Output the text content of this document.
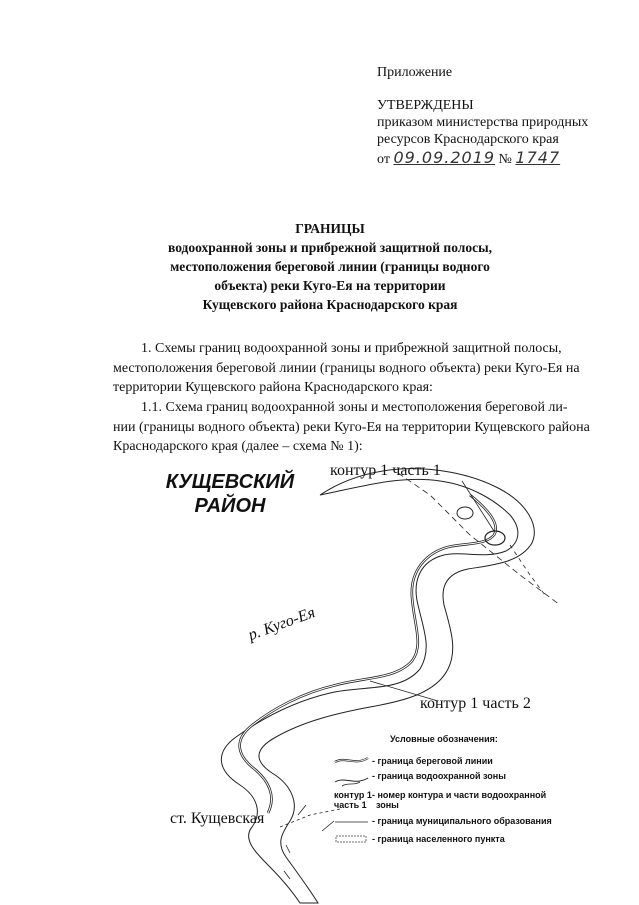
Приложение
УТВЕРЖДЕНЫ
приказом министерства природных
ресурсов Краснодарского края
от 09.09.2019 № 1747
ГРАНИЦЫ
водоохранной зоны и прибрежной защитной полосы,
местоположения береговой линии (границы водного
объекта) реки Куго-Ея на территории
Кущевского района Краснодарского края
1. Схемы границ водоохранной зоны и прибрежной защитной полосы,
местоположения береговой линии (границы водного объекта) реки Куго-Ея на
территории Кущевского района Краснодарского края:
1.1. Схема границ водоохранной зоны и местоположения береговой ли-
нии (границы водного объекта) реки Куго-Ея на территории Кущевского района
Краснодарского края (далее – схема № 1):
КУЩЕВСКИЙ
РАЙОН
контур 1 часть 1
контур 1 часть 2
р. Куго-Ея
ст. Кущевская
Условные обозначения:
- граница береговой линии
- граница водоохранной зоны
контур 1
часть 1
- номер контура и части водоохранной
зоны
- граница муниципального образования
- граница населенного пункта
